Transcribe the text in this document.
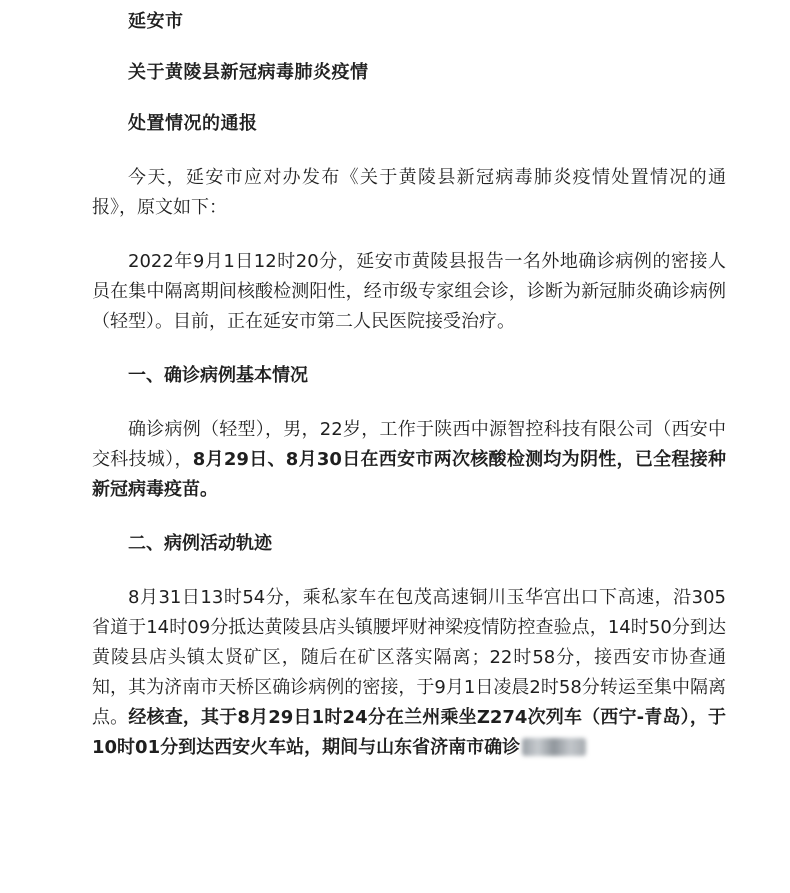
延安市
关于黄陵县新冠病毒肺炎疫情
处置情况的通报

今天，延安市应对办发布《关于黄陵县新冠病毒肺炎疫情处置情况的通报》，原文如下：

2022年9月1日12时20分，延安市黄陵县报告一名外地确诊病例的密接人员在集中隔离期间核酸检测阳性，经市级专家组会诊，诊断为新冠肺炎确诊病例（轻型）。目前，正在延安市第二人民医院接受治疗。

一、确诊病例基本情况

确诊病例（轻型），男，22岁，工作于陕西中源智控科技有限公司（西安中交科技城），8月29日、8月30日在西安市两次核酸检测均为阴性，已全程接种新冠病毒疫苗。

二、病例活动轨迹

8月31日13时54分，乘私家车在包茂高速铜川玉华宫出口下高速，沿305省道于14时09分抵达黄陵县店头镇腰坪财神梁疫情防控查验点，14时50分到达黄陵县店头镇太贤矿区，随后在矿区落实隔离；22时58分，接西安市协查通知，其为济南市天桥区确诊病例的密接，于9月1日凌晨2时58分转运至集中隔离点。经核查，其于8月29日1时24分在兰州乘坐Z274次列车（西宁-青岛），于10时01分到达西安火车站，期间与山东省济南市确诊
